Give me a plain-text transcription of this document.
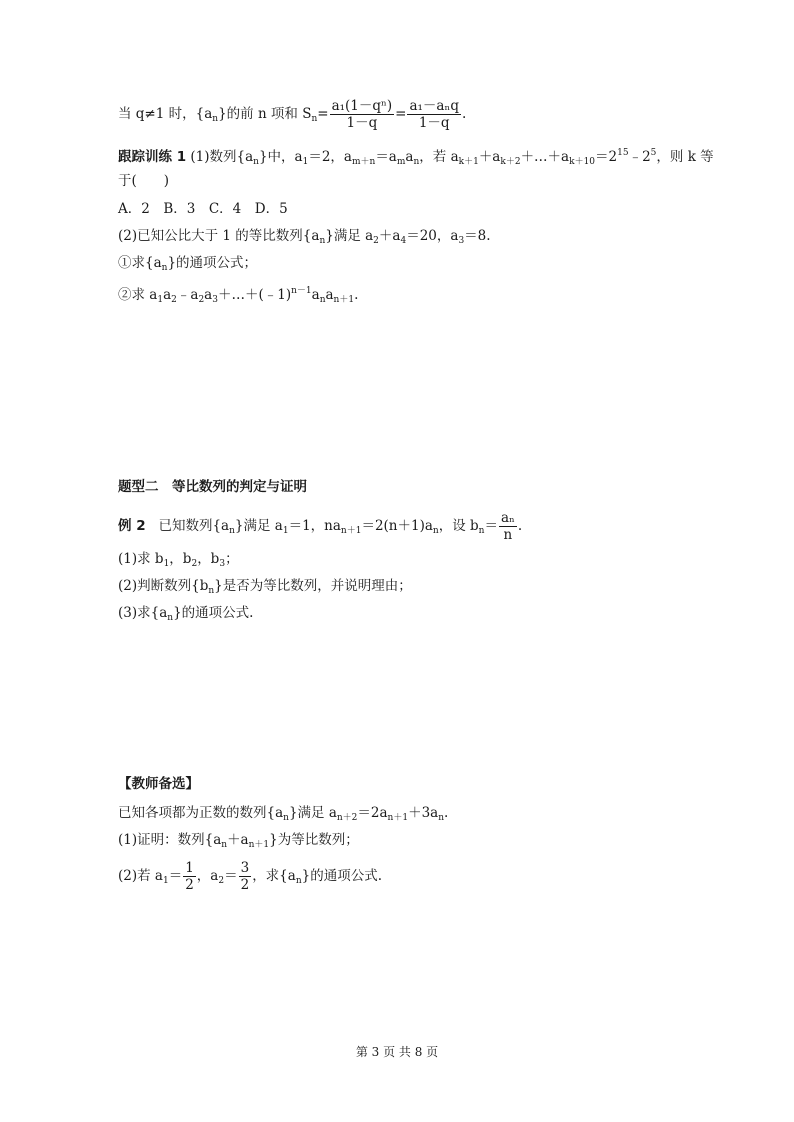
当 q≠1 时，$\{a_n\}$的前 n 项和 $S_n= \frac{\text{a₁(1－qⁿ)}}{1-q} = \frac{\text{a₁－aₙq}}{1-q}$ .
跟踪训练 1 (1)数列$\{a_n\}$中，$a_1=2$，$a_{m+n}=a_ma_n$，若 $a_{k+1}+a_{k+2}+\dots+a_{k+10}=2^{15}﹣2^5$，则 k 等
于(　　)
A．2　B．3　C．4　D．5
(2)已知公比大于 1 的等比数列$\{a_n\}$满足 $a_2+a_4=20$，$a_3=8$.
①求$\{a_n\}$的通项公式；
②求 $a_1a_2﹣a_2a_3+\dots+(﹣1)^{n-1}a_na_{n+1}$.
题型二　等比数列的判定与证明
例 2 已知数列$\{a_n\}$满足 $a_1=1$，$na_{n+1}=2(n+1)a_n$，设 $b_n= \frac{\text{aₙ}}{n}$ .
(1)求 $b_1$，$b_2$，$b_3$；
(2)判断数列$\{b_n\}$是否为等比数列，并说明理由；
(3)求$\{a_n\}$的通项公式.
【教师备选】
已知各项都为正数的数列$\{a_n\}$满足 $a_{n+2}=2a_{n+1}+3a_n$.
(1)证明：数列$\{a_n+a_{n+1}\}$为等比数列；
(2)若 $a_1= \frac{1}{2}$ ，$a_2= \frac{3}{2}$ ，求$\{a_n\}$的通项公式.
第 3 页 共 8 页
